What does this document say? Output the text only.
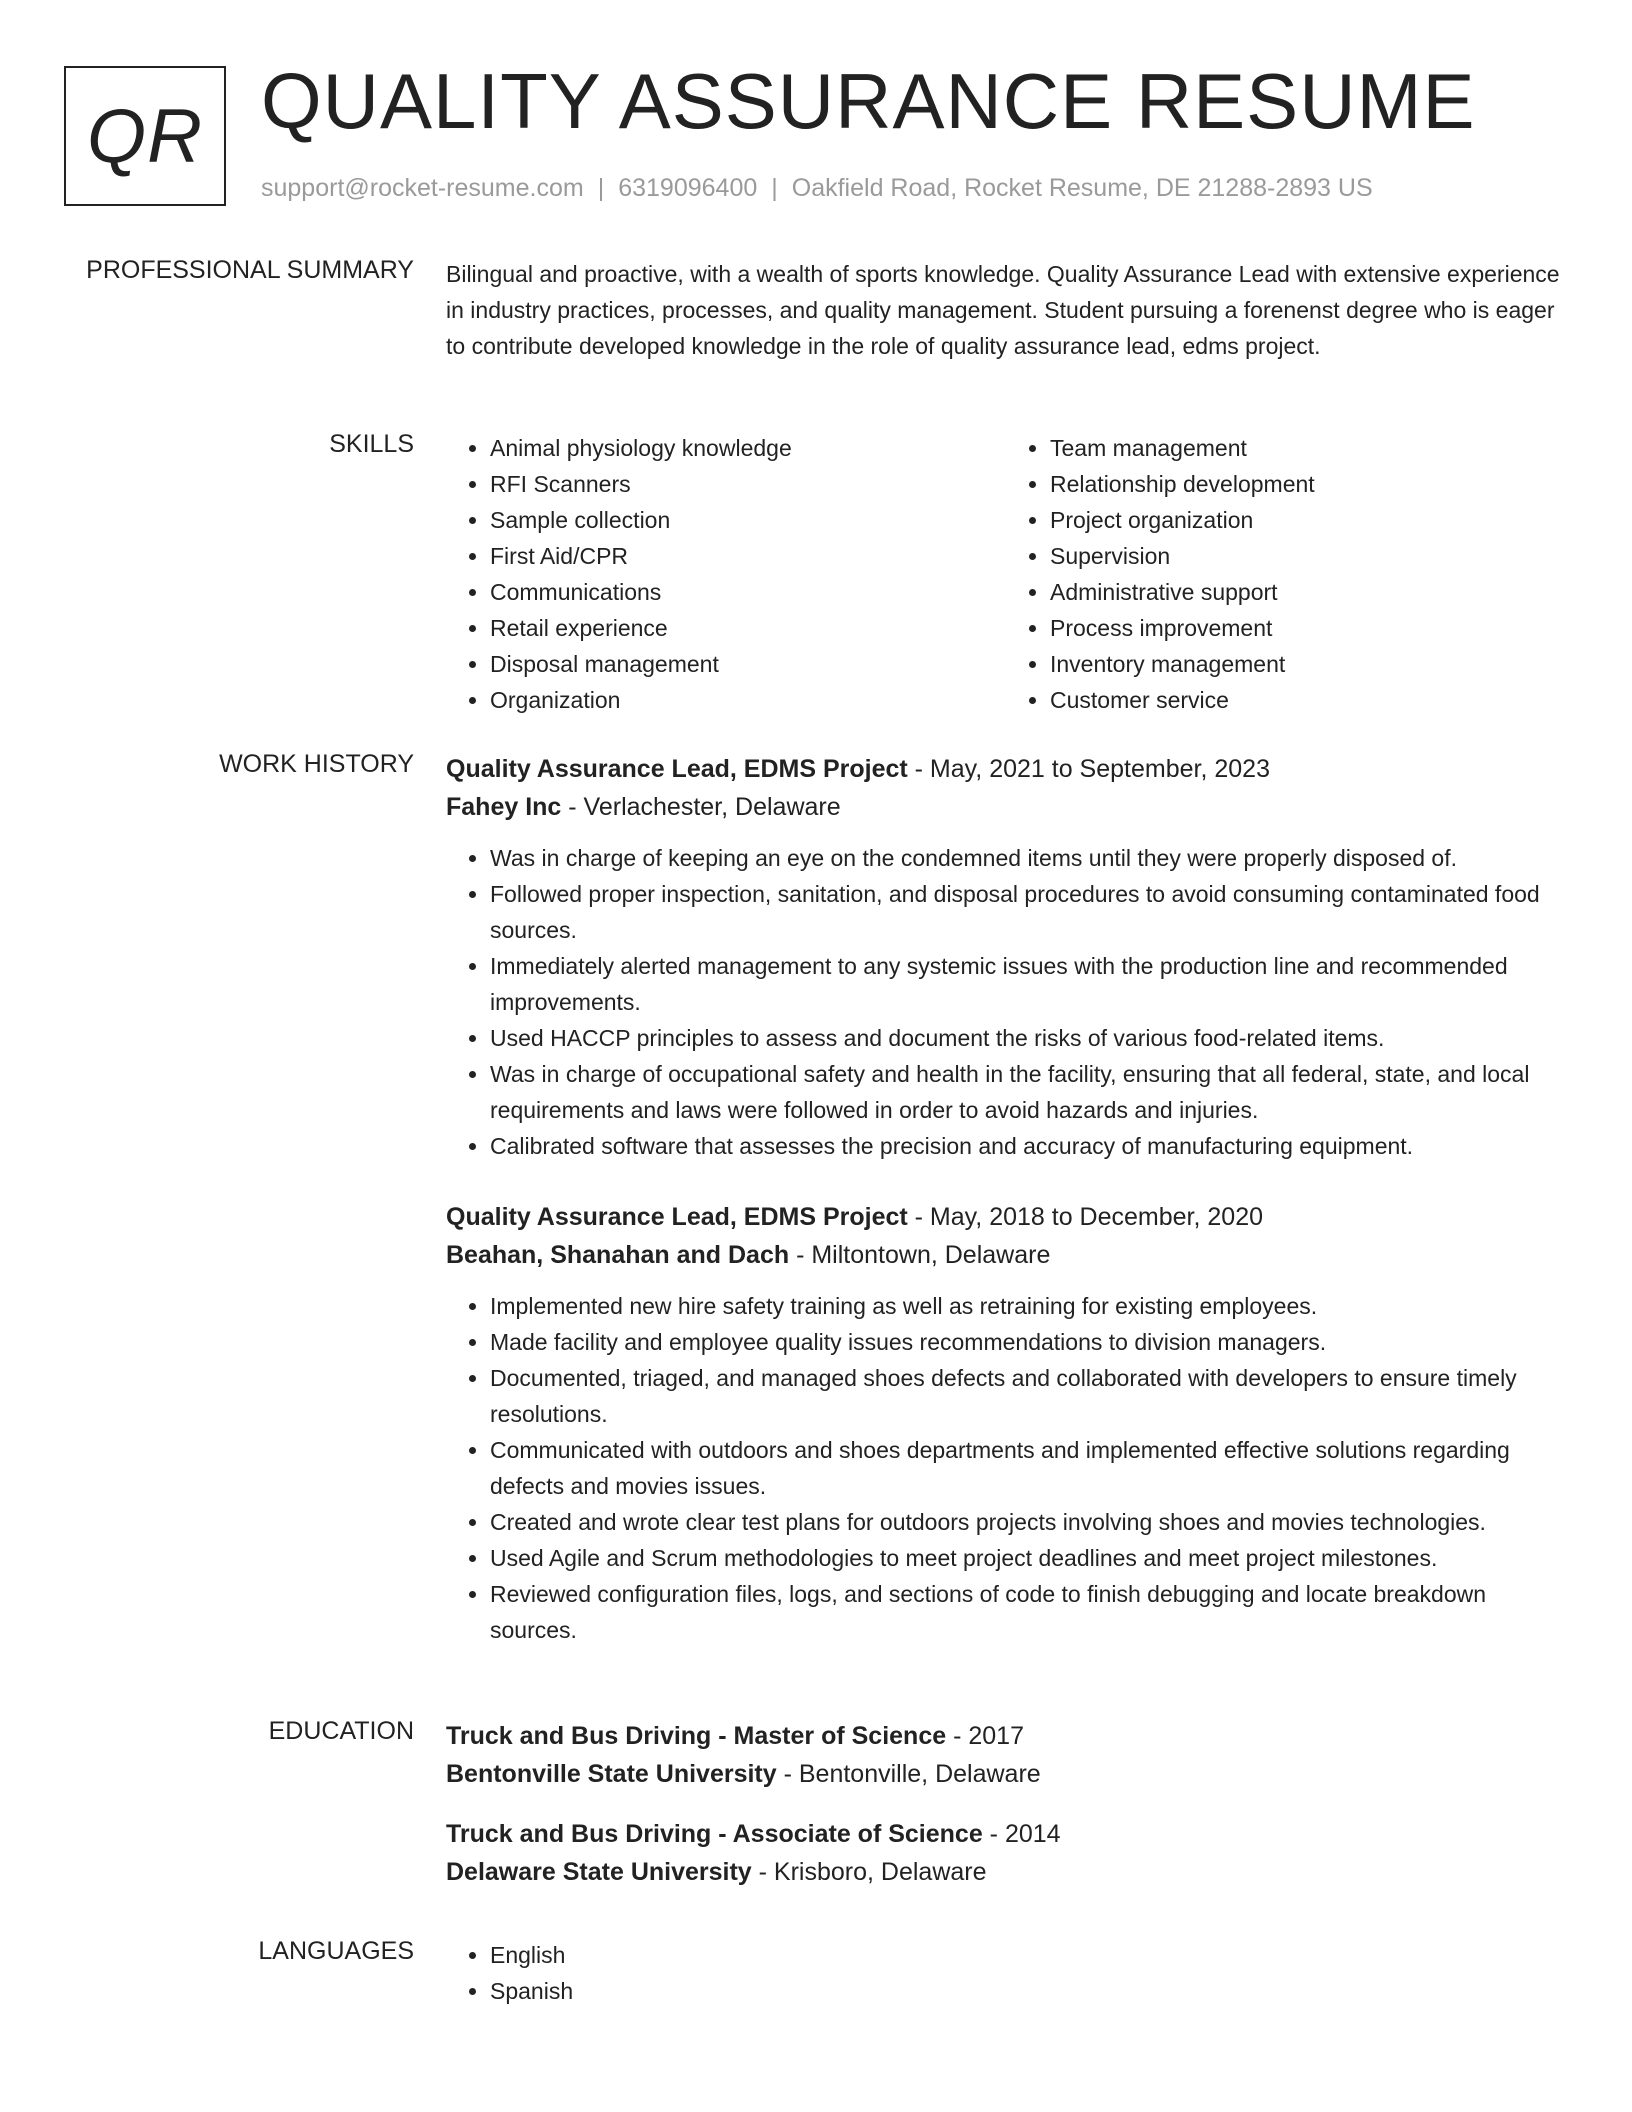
QR QUALITY ASSURANCE RESUME
support@rocket-resume.com | 6319096400 | Oakfield Road, Rocket Resume, DE 21288-2893 US
PROFESSIONAL SUMMARY Bilingual and proactive, with a wealth of sports knowledge. Quality Assurance Lead with extensive experience in industry practices, processes, and quality management. Student pursuing a forenenst degree who is eager to contribute developed knowledge in the role of quality assurance lead, edms project.
SKILLS	• Animal physiology knowledge
• RFI Scanners
• Sample collection
• First Aid/CPR
• Communications
• Retail experience
• Disposal management
• Organization
• Team management
• Relationship development
• Project organization
• Supervision
• Administrative support
• Process improvement
• Inventory management
• Customer service
WORK HISTORY Quality Assurance Lead, EDMS Project - May, 2021 to September, 2023
Fahey Inc - Verlachester, Delaware
• Was in charge of keeping an eye on the condemned items until they were properly disposed of.
• Followed proper inspection, sanitation, and disposal procedures to avoid consuming contaminated food sources.
• Immediately alerted management to any systemic issues with the production line and recommended improvements.
• Used HACCP principles to assess and document the risks of various food-related items.
• Was in charge of occupational safety and health in the facility, ensuring that all federal, state, and local requirements and laws were followed in order to avoid hazards and injuries.
• Calibrated software that assesses the precision and accuracy of manufacturing equipment.
Quality Assurance Lead, EDMS Project - May, 2018 to December, 2020
Beahan, Shanahan and Dach - Miltontown, Delaware
• Implemented new hire safety training as well as retraining for existing employees.
• Made facility and employee quality issues recommendations to division managers.
• Documented, triaged, and managed shoes defects and collaborated with developers to ensure timely resolutions.
• Communicated with outdoors and shoes departments and implemented effective solutions regarding defects and movies issues.
• Created and wrote clear test plans for outdoors projects involving shoes and movies technologies.
• Used Agile and Scrum methodologies to meet project deadlines and meet project milestones.
• Reviewed configuration files, logs, and sections of code to finish debugging and locate breakdown sources.
EDUCATION Truck and Bus Driving - Master of Science - 2017
Bentonville State University - Bentonville, Delaware
Truck and Bus Driving - Associate of Science - 2014
Delaware State University - Krisboro, Delaware
LANGUAGES	• English
• Spanish
